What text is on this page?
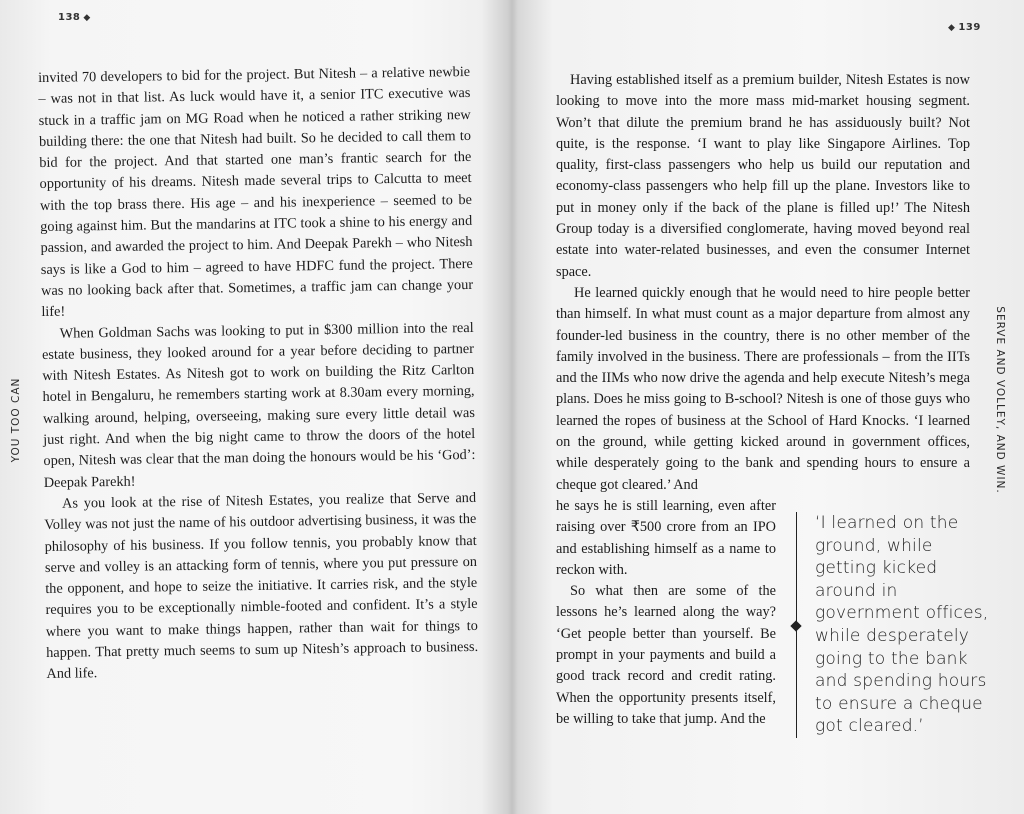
138 ◆
YOU TOO CAN

invited 70 developers to bid for the project. But Nitesh – a relative newbie – was not in that list. As luck would have it, a senior ITC executive was stuck in a traffic jam on MG Road when he noticed a rather striking new building there: the one that Nitesh had built. So he decided to call them to bid for the project. And that started one man’s frantic search for the opportunity of his dreams. Nitesh made several trips to Calcutta to meet with the top brass there. His age – and his inexperience – seemed to be going against him. But the mandarins at ITC took a shine to his energy and passion, and awarded the project to him. And Deepak Parekh – who Nitesh says is like a God to him – agreed to have HDFC fund the project. There was no looking back after that. Sometimes, a traffic jam can change your life!

When Goldman Sachs was looking to put in $300 million into the real estate business, they looked around for a year before deciding to partner with Nitesh Estates. As Nitesh got to work on building the Ritz Carlton hotel in Bengaluru, he remembers starting work at 8.30am every morning, walking around, helping, overseeing, making sure every little detail was just right. And when the big night came to throw the doors of the hotel open, Nitesh was clear that the man doing the honours would be his ‘God’: Deepak Parekh!

As you look at the rise of Nitesh Estates, you realize that Serve and Volley was not just the name of his outdoor advertising business, it was the philosophy of his business. If you follow tennis, you probably know that serve and volley is an attacking form of tennis, where you put pressure on the opponent, and hope to seize the initiative. It carries risk, and the style requires you to be exceptionally nimble-footed and confident. It’s a style where you want to make things happen, rather than wait for things to happen. That pretty much seems to sum up Nitesh’s approach to business. And life.

◆ 139
SERVE AND VOLLEY, AND WIN.

Having established itself as a premium builder, Nitesh Estates is now looking to move into the more mass mid-market housing segment. Won’t that dilute the premium brand he has assiduously built? Not quite, is the response. ‘I want to play like Singapore Airlines. Top quality, first-class passengers who help us build our reputation and economy-class passengers who help fill up the plane. Investors like to put in money only if the back of the plane is filled up!’ The Nitesh Group today is a diversified conglomerate, having moved beyond real estate into water-related businesses, and even the consumer Internet space.

He learned quickly enough that he would need to hire people better than himself. In what must count as a major departure from almost any founder-led business in the country, there is no other member of the family involved in the business. There are professionals – from the IITs and the IIMs who now drive the agenda and help execute Nitesh’s mega plans. Does he miss going to B-school? Nitesh is one of those guys who learned the ropes of business at the School of Hard Knocks. ‘I learned on the ground, while getting kicked around in government offices, while desperately going to the bank and spending hours to ensure a cheque got cleared.’ And

he says he is still learning, even after raising over ₹500 crore from an IPO and establishing himself as a name to reckon with.

So what then are some of the lessons he’s learned along the way? ‘Get people better than yourself. Be prompt in your payments and build a good track record and credit rating. When the opportunity presents itself, be willing to take that jump. And the

‘I learned on the ground, while getting kicked around in government offices, while desperately going to the bank and spending hours to ensure a cheque got cleared.’
